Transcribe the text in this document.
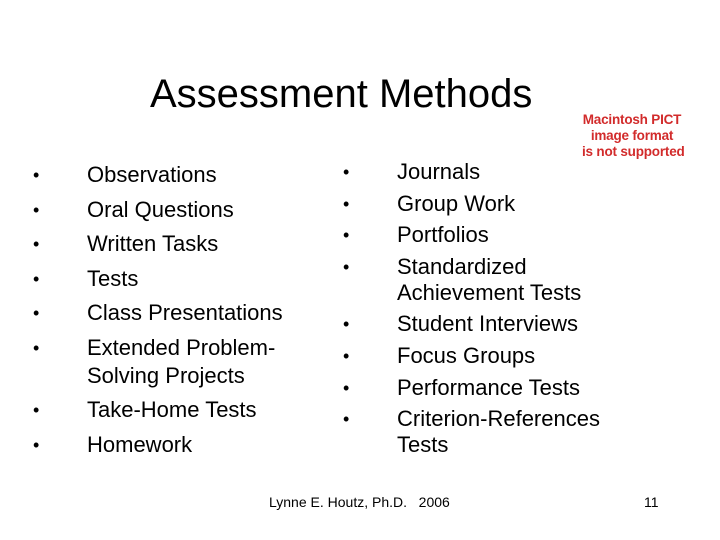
Assessment Methods
Macintosh PICT
image format
is not supported
• Observations
• Oral Questions
• Written Tasks
• Tests
• Class Presentations
• Extended Problem-Solving Projects
• Take-Home Tests
• Homework
• Journals
• Group Work
• Portfolios
• Standardized Achievement Tests
• Student Interviews
• Focus Groups
• Performance Tests
• Criterion-References Tests
Lynne E. Houtz, Ph.D.   2006	11
